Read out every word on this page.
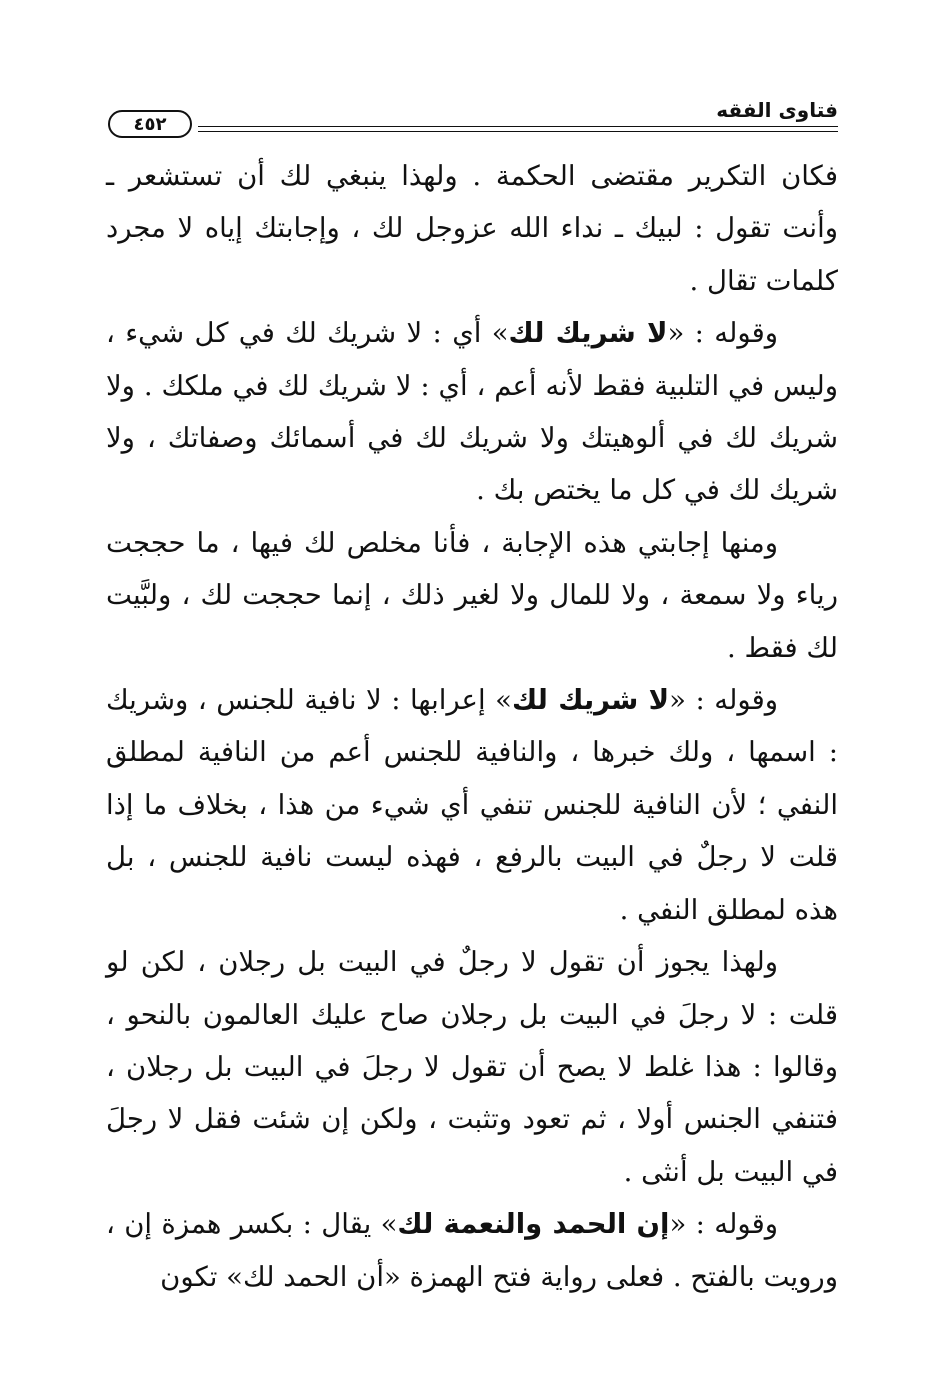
فتاوى الفقه
٤٥٢

فكان التكرير مقتضى الحكمة . ولهذا ينبغي لك أن تستشعر ـ وأنت تقول : لبيك ـ نداء الله عزوجل لك ، وإجابتك إياه لا مجرد كلمات تقال .

وقوله : «لا شريك لك» أي : لا شريك لك في كل شيء ، وليس في التلبية فقط لأنه أعم ، أي : لا شريك لك في ملكك . ولا شريك لك في ألوهيتك ولا شريك لك في أسمائك وصفاتك ، ولا شريك لك في كل ما يختص بك .

ومنها إجابتي هذه الإجابة ، فأنا مخلص لك فيها ، ما حججت رياء ولا سمعة ، ولا للمال ولا لغير ذلك ، إنما حججت لك ، ولبَّيت لك فقط .

وقوله : «لا شريك لك» إعرابها : لا نافية للجنس ، وشريك : اسمها ، ولك خبرها ، والنافية للجنس أعم من النافية لمطلق النفي ؛ لأن النافية للجنس تنفي أي شيء من هذا ، بخلاف ما إذا قلت لا رجلٌ في البيت بالرفع ، فهذه ليست نافية للجنس ، بل هذه لمطلق النفي .

ولهذا يجوز أن تقول لا رجلٌ في البيت بل رجلان ، لكن لو قلت : لا رجلَ في البيت بل رجلان صاح عليك العالمون بالنحو ، وقالوا : هذا غلط لا يصح أن تقول لا رجلَ في البيت بل رجلان ، فتنفي الجنس أولا ، ثم تعود وتثبت ، ولكن إن شئت فقل لا رجلَ في البيت بل أنثى .

وقوله : «إن الحمد والنعمة لك» يقال : بكسر همزة إن ، ورويت بالفتح . فعلى رواية فتح الهمزة «أن الحمد لك» تكون
